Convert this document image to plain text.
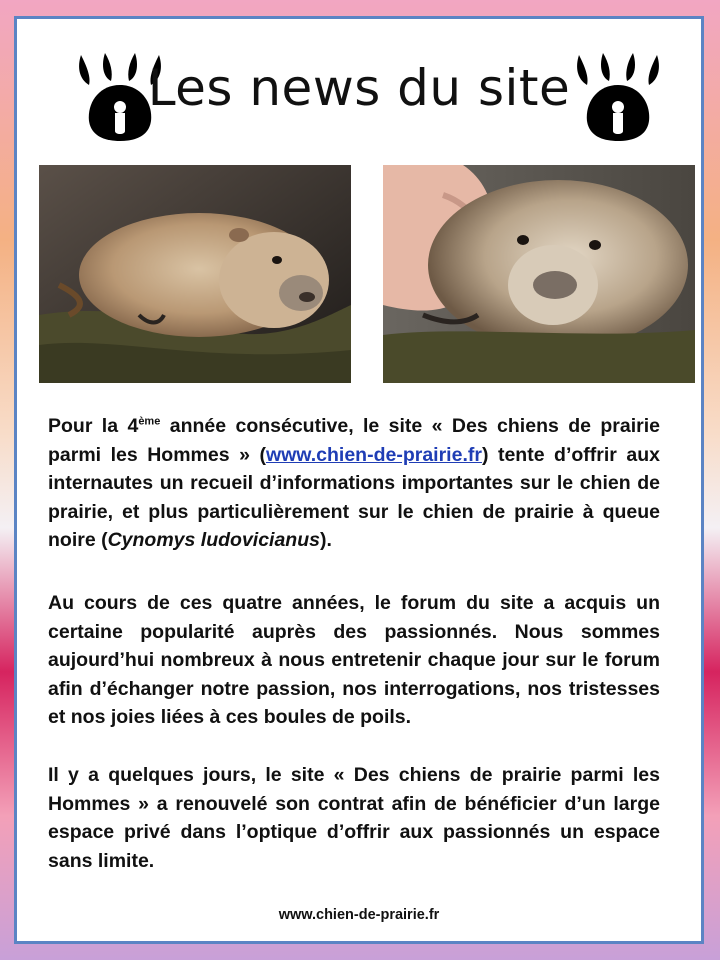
Les news du site
Pour la 4ème année consécutive, le site « Des chiens de prairie parmi les Hommes » (www.chien-de-prairie.fr) tente d’offrir aux internautes un recueil d’informations importantes sur le chien de prairie, et plus particulièrement sur le chien de prairie à queue noire (Cynomys ludovicianus).
Au cours de ces quatre années, le forum du site a acquis un certaine popularité auprès des passionnés. Nous sommes aujourd’hui nombreux à nous entretenir chaque jour sur le forum afin d’échanger notre passion, nos interrogations, nos tristesses et nos joies liées à ces boules de poils.
Il y a quelques jours, le site « Des chiens de prairie parmi les Hommes » a renouvelé son contrat afin de bénéficier d’un large espace privé dans l’optique d’offrir aux passionnés un espace sans limite.
www.chien-de-prairie.fr
